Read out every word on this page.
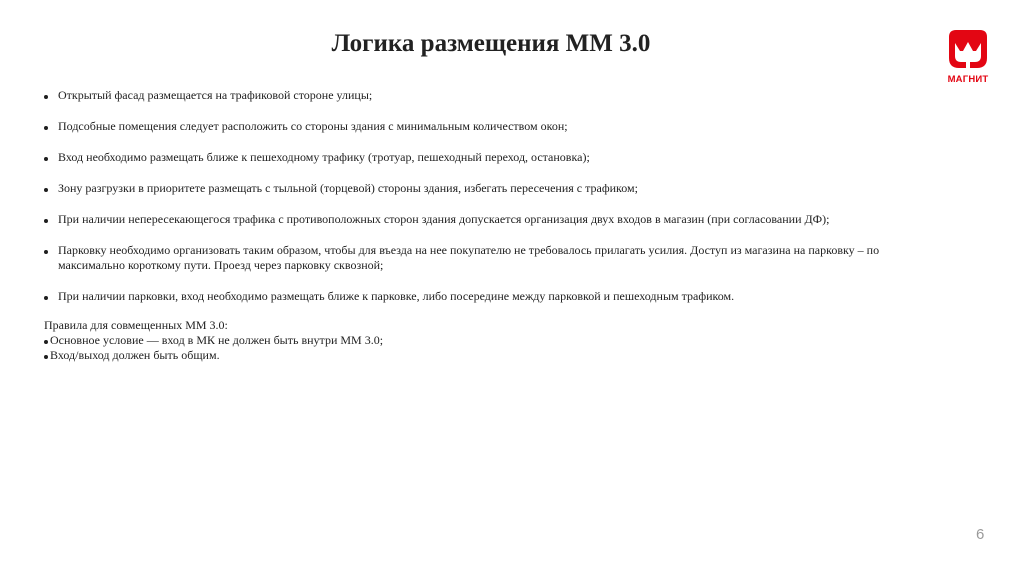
Логика размещения ММ 3.0
МАГНИТ
Открытый фасад размещается на трафиковой стороне улицы;
Подсобные помещения следует расположить со стороны здания с минимальным количеством окон;
Вход необходимо размещать ближе к пешеходному трафику (тротуар, пешеходный переход, остановка);
Зону разгрузки в приоритете размещать с тыльной (торцевой) стороны здания, избегать пересечения с трафиком;
При наличии непересекающегося трафика с противоположных сторон здания допускается организация двух входов в магазин (при согласовании ДФ);
Парковку необходимо организовать таким образом, чтобы для въезда на нее покупателю не требовалось прилагать усилия. Доступ из магазина на парковку – по максимально короткому пути. Проезд через парковку сквозной;
При наличии парковки, вход необходимо размещать ближе к парковке, либо посередине между парковкой и пешеходным трафиком.
Правила для совмещенных ММ 3.0:
Основное условие — вход в МК не должен быть внутри ММ 3.0;
Вход/выход должен быть общим.
6
